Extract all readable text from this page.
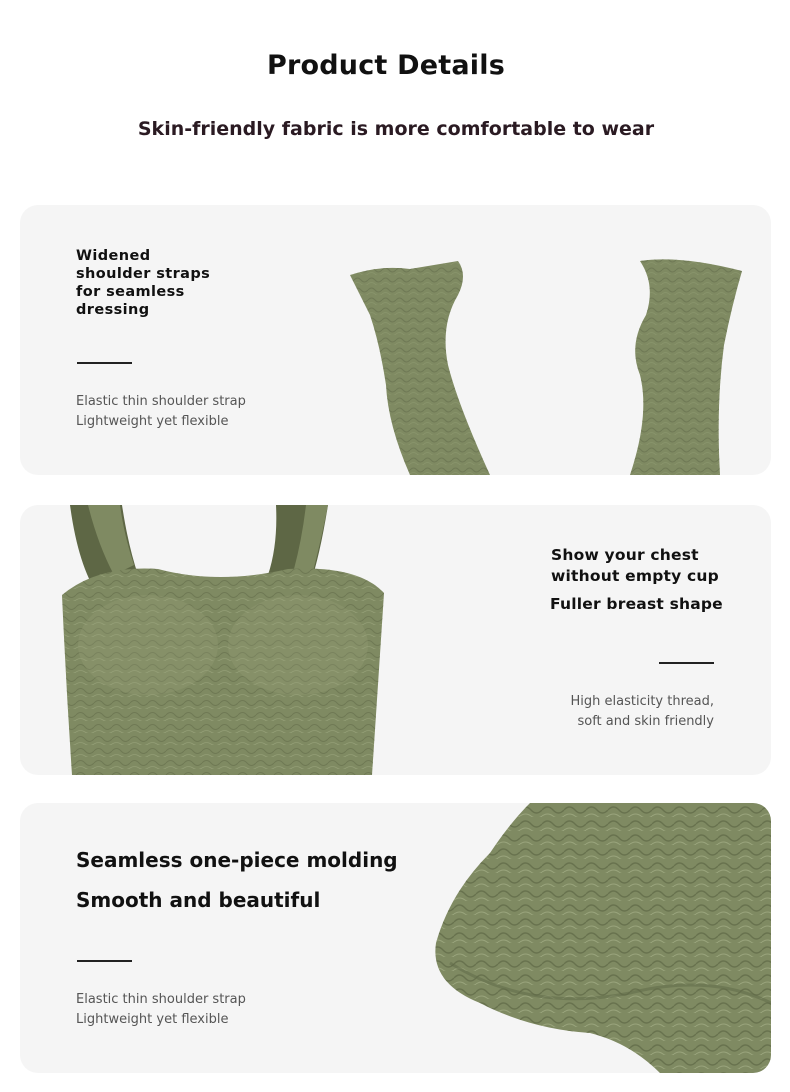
Product Details
Skin-friendly fabric is more comfortable to wear
Widened
shoulder straps
for seamless
dressing
Elastic thin shoulder strap
Lightweight yet flexible
Show your chest
without empty cup
Fuller breast shape
High elasticity thread,
soft and skin friendly
Seamless one-piece molding
Smooth and beautiful
Elastic thin shoulder strap
Lightweight yet flexible
